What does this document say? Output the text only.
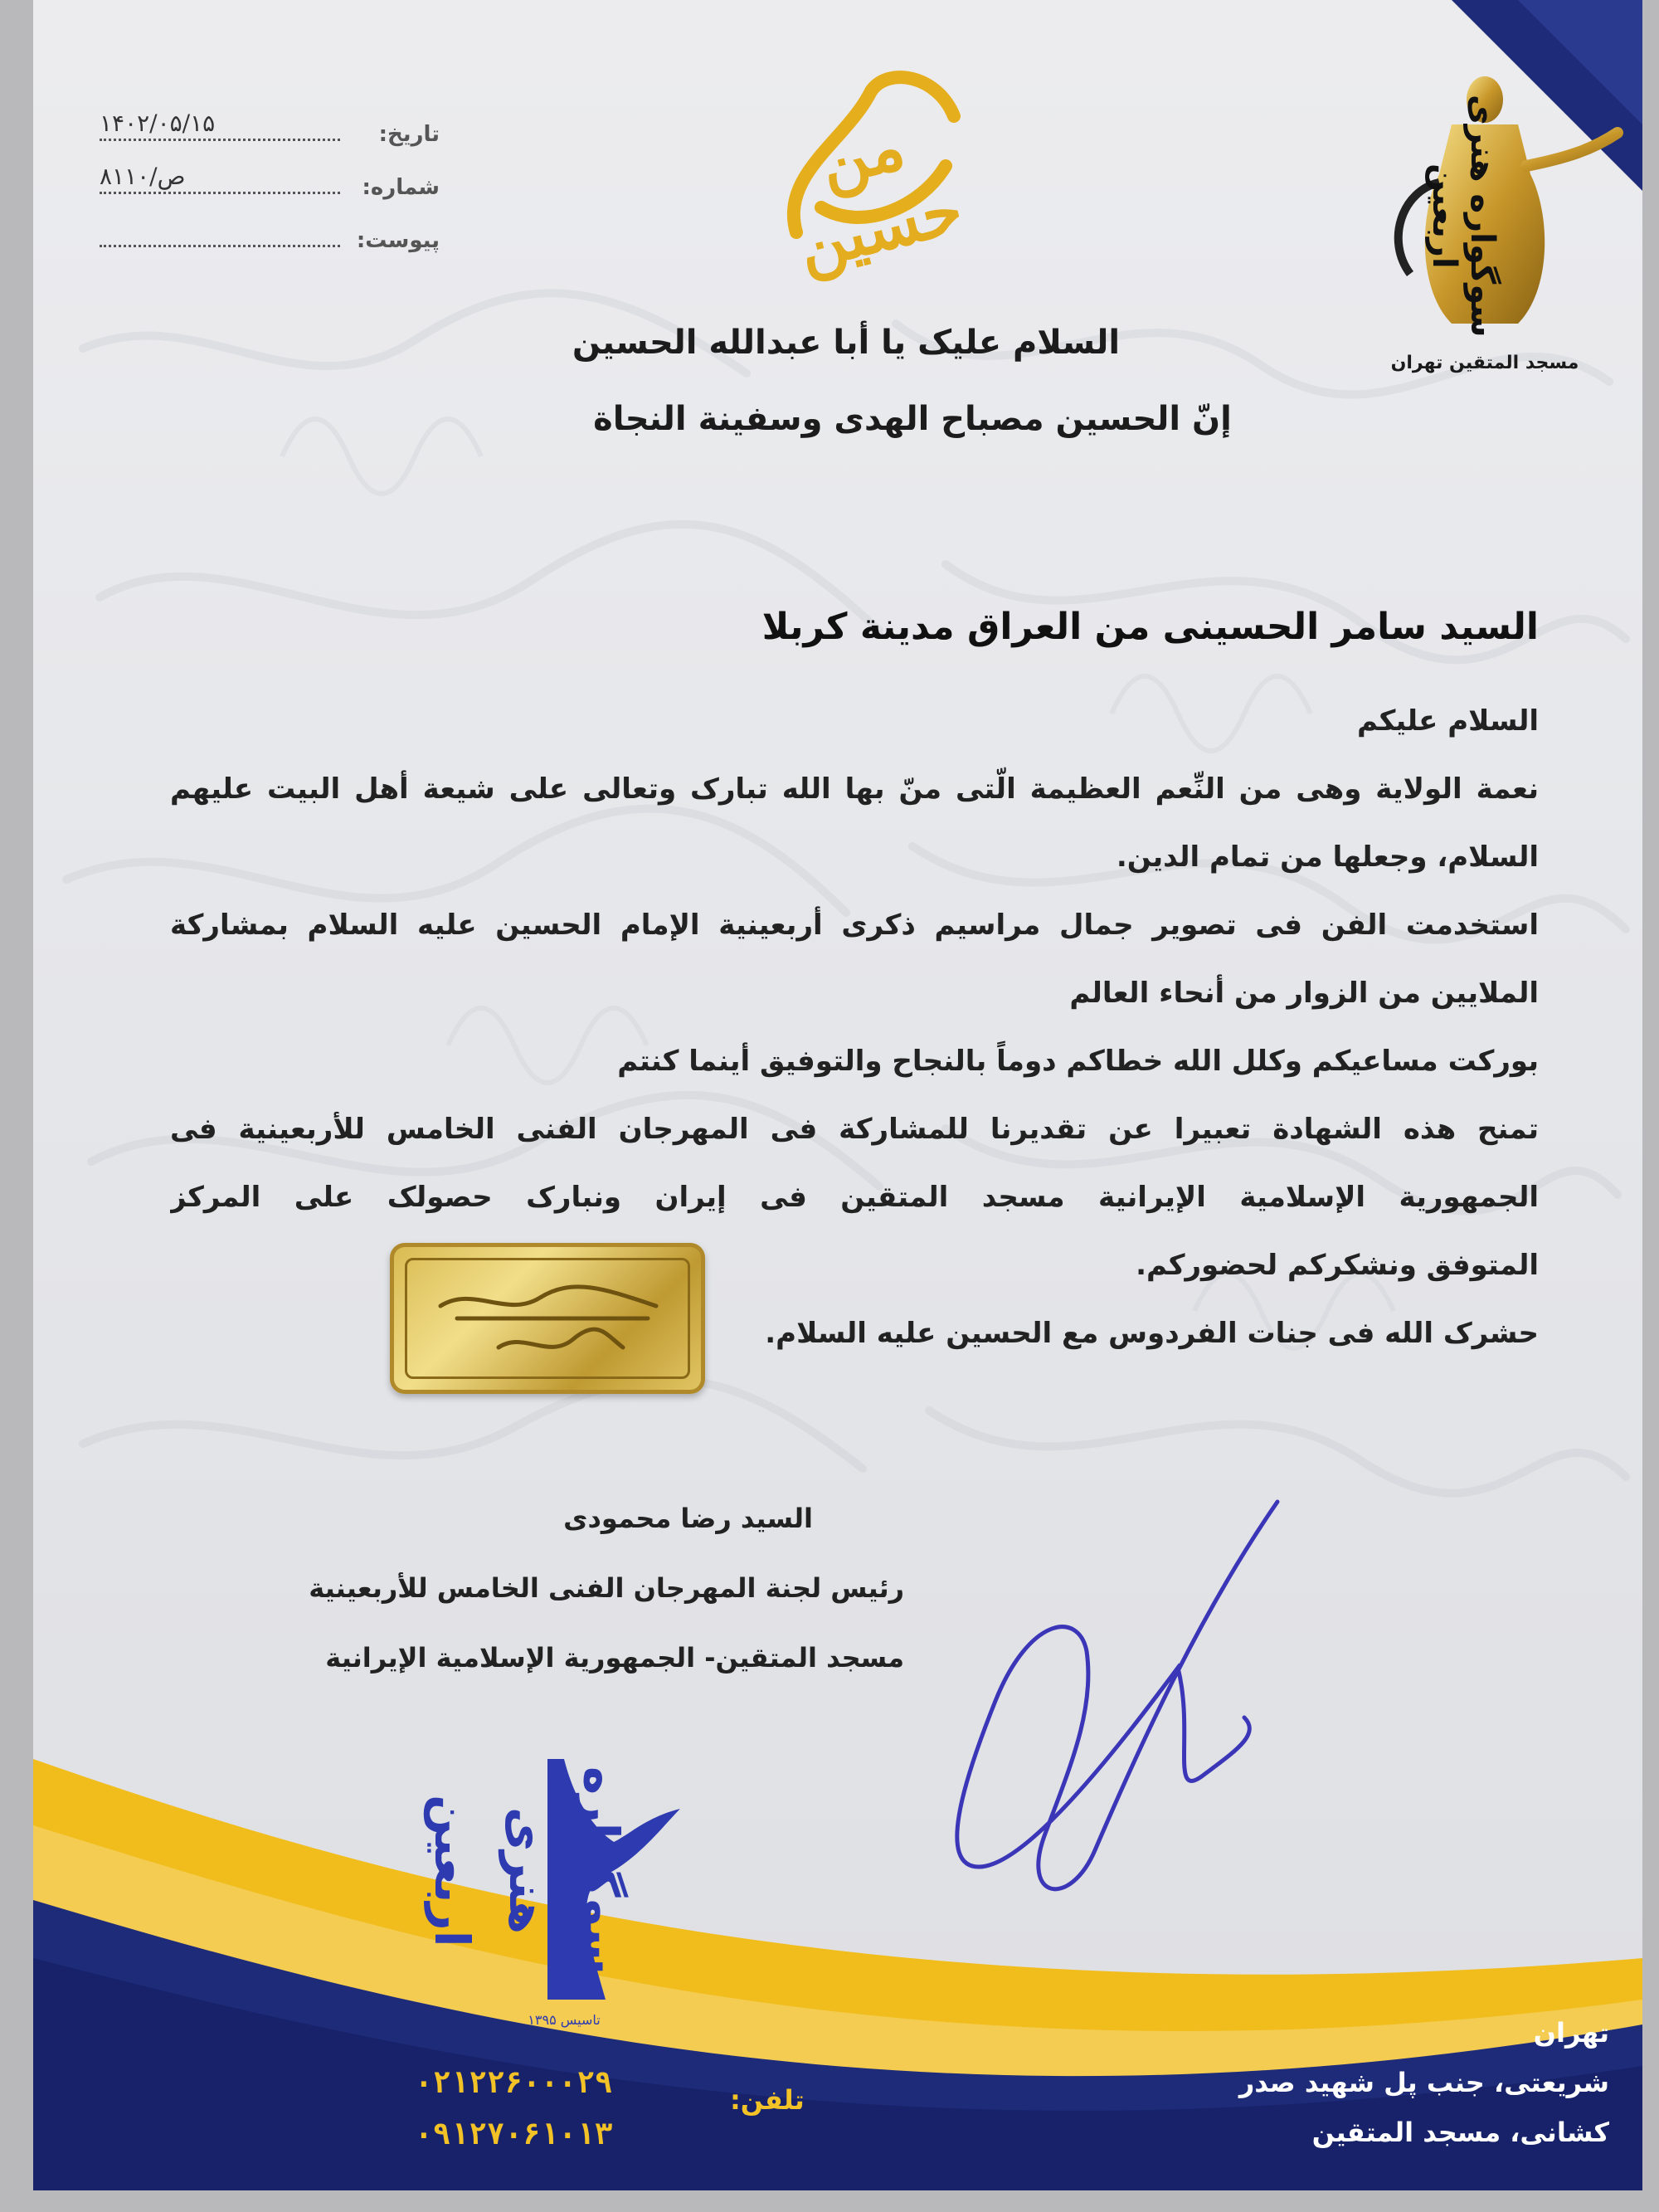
تاریخ:
۱۴۰۲/۰۵/۱۵
شماره:
۸۱۱۰/ص
پیوست:
من حسین	سوگواره هنری اربعین
مسجد المتقين تهران
السلام علیک یا أبا عبدالله الحسین
إنّ الحسین مصباح الهدى وسفینة النجاة
السید سامر الحسینی من العراق مدینة کربلا
السلام علیکم
نعمة الولایة وهی من النِّعم العظیمة الّتی منّ بها الله تبارک وتعالى على شیعة أهل البیت علیهم
السلام، وجعلها من تمام الدین.
استخدمت الفن فی تصویر جمال مراسیم ذکرى أربعینیة الإمام الحسین علیه السلام بمشارکة
الملایین من الزوار من أنحاء العالم
بورکت مساعیکم وکلل الله خطاکم دوماً بالنجاح والتوفیق أینما کنتم
تمنح هذه الشهادة تعبیرا عن تقدیرنا للمشارکة فی المهرجان الفنی الخامس للأربعینیة فی
الجمهوریة الإسلامیة الإیرانیة مسجد المتقین فی إیران ونبارک حصولک على المرکز
المتوفق ونشکرکم لحضورکم.
حشرک الله فی جنات الفردوس مع الحسین علیه السلام.
السید رضا محمودی
رئیس لجنة المهرجان الفنی الخامس للأربعینیة
مسجد المتقین- الجمهوریة الإسلامیة الإیرانیة
سوگواره هنری اربعین
تاسیس ۱۳۹۵
۰۲۱۲۲۶۰۰۰۲۹
۰۹۱۲۷۰۶۱۰۱۳
تلفن:
تهران
شریعتی، جنب پل شهید صدر
کشانی، مسجد المتقین
